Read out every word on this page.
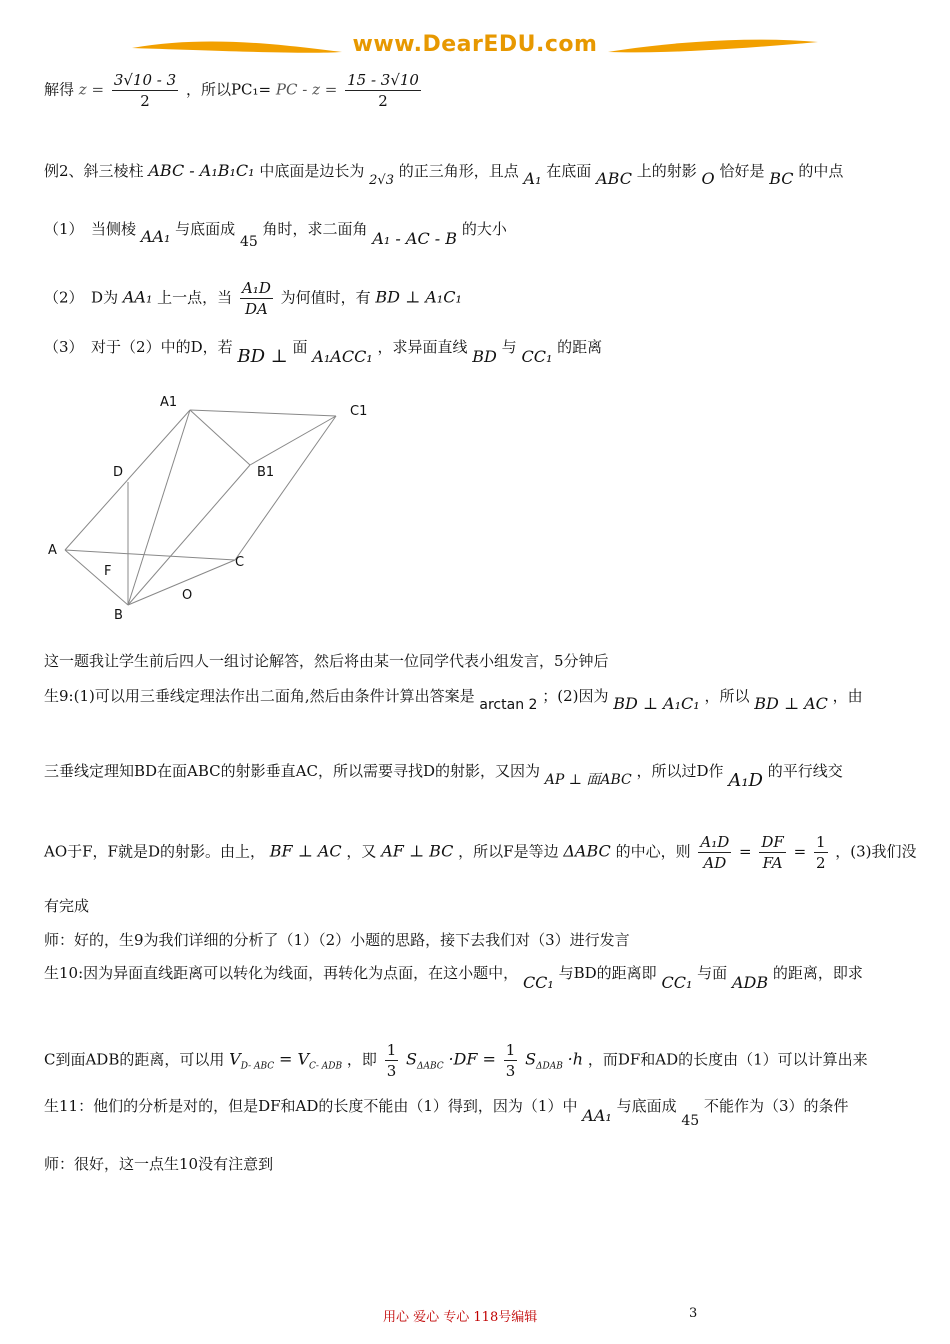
www.DearEDU.com
解得 $z = \frac{3√10 - 3}{2}$ ，所以PC₁= PC - $z = \frac{15 - 3√10}{2}$
例2、斜三棱柱 ABC - A₁B₁C₁ 中底面是边长为 2√3 的正三角形，且点 A₁ 在底面 ABC 上的射影 O 恰好是 BC 的中点
（1）　当侧棱 AA₁ 与底面成 45 角时，求二面角 A₁ - AC - B 的大小
（2）　D为 AA₁ 上一点，当 $\frac{\text{A₁D}}{DA}$ 为何值时，有 BD ⊥ A₁C₁
（3）　对于（2）中的D，若 BD ⊥ 面 A₁ACC₁ ，求异面直线 BD 与 CC₁ 的距离
A1
C1
D	B1
A
F
C
O
B
这一题我让学生前后四人一组讨论解答，然后将由某一位同学代表小组发言，5分钟后
生9:(1)可以用三垂线定理法作出二面角,然后由条件计算出答案是 arctan 2 ；(2)因为 BD ⊥ A₁C₁ ，所以 BD ⊥ AC ，由
三垂线定理知BD在面ABC的射影垂直AC，所以需要寻找D的射影，又因为 AP ⊥ 面ABC ，所以过D作 A₁D 的平行线交
AO于F，F就是D的射影。由上， BF ⊥ AC ，又 AF ⊥ BC ，所以F是等边 ΔABC 的中心，则 $\frac{\text{A₁D}}{AD} = \frac{DF}{FA} = \frac{1}{2}$ ，(3)我们没
有完成
师：好的，生9为我们详细的分析了（1）（2）小题的思路，接下去我们对（3）进行发言
生10:因为异面直线距离可以转化为线面，再转化为点面，在这小题中， CC₁ 与BD的距离即 CC₁ 与面 ADB 的距离，即求
C到面ADB的距离，可以用 $V_{D- ABC} = V_{C- ADB}$ ，即 $\frac{1}{3} S_{\Delta ABC} \cdot DF = \frac{1}{3} S_{\Delta DAB} \cdot h$ ，而DF和AD的长度由（1）可以计算出来
生11：他们的分析是对的，但是DF和AD的长度不能由（1）得到，因为（1）中 AA₁ 与底面成 45 不能作为（3）的条件
师：很好，这一点生10没有注意到
用心 爱心 专心 118号编辑	3
